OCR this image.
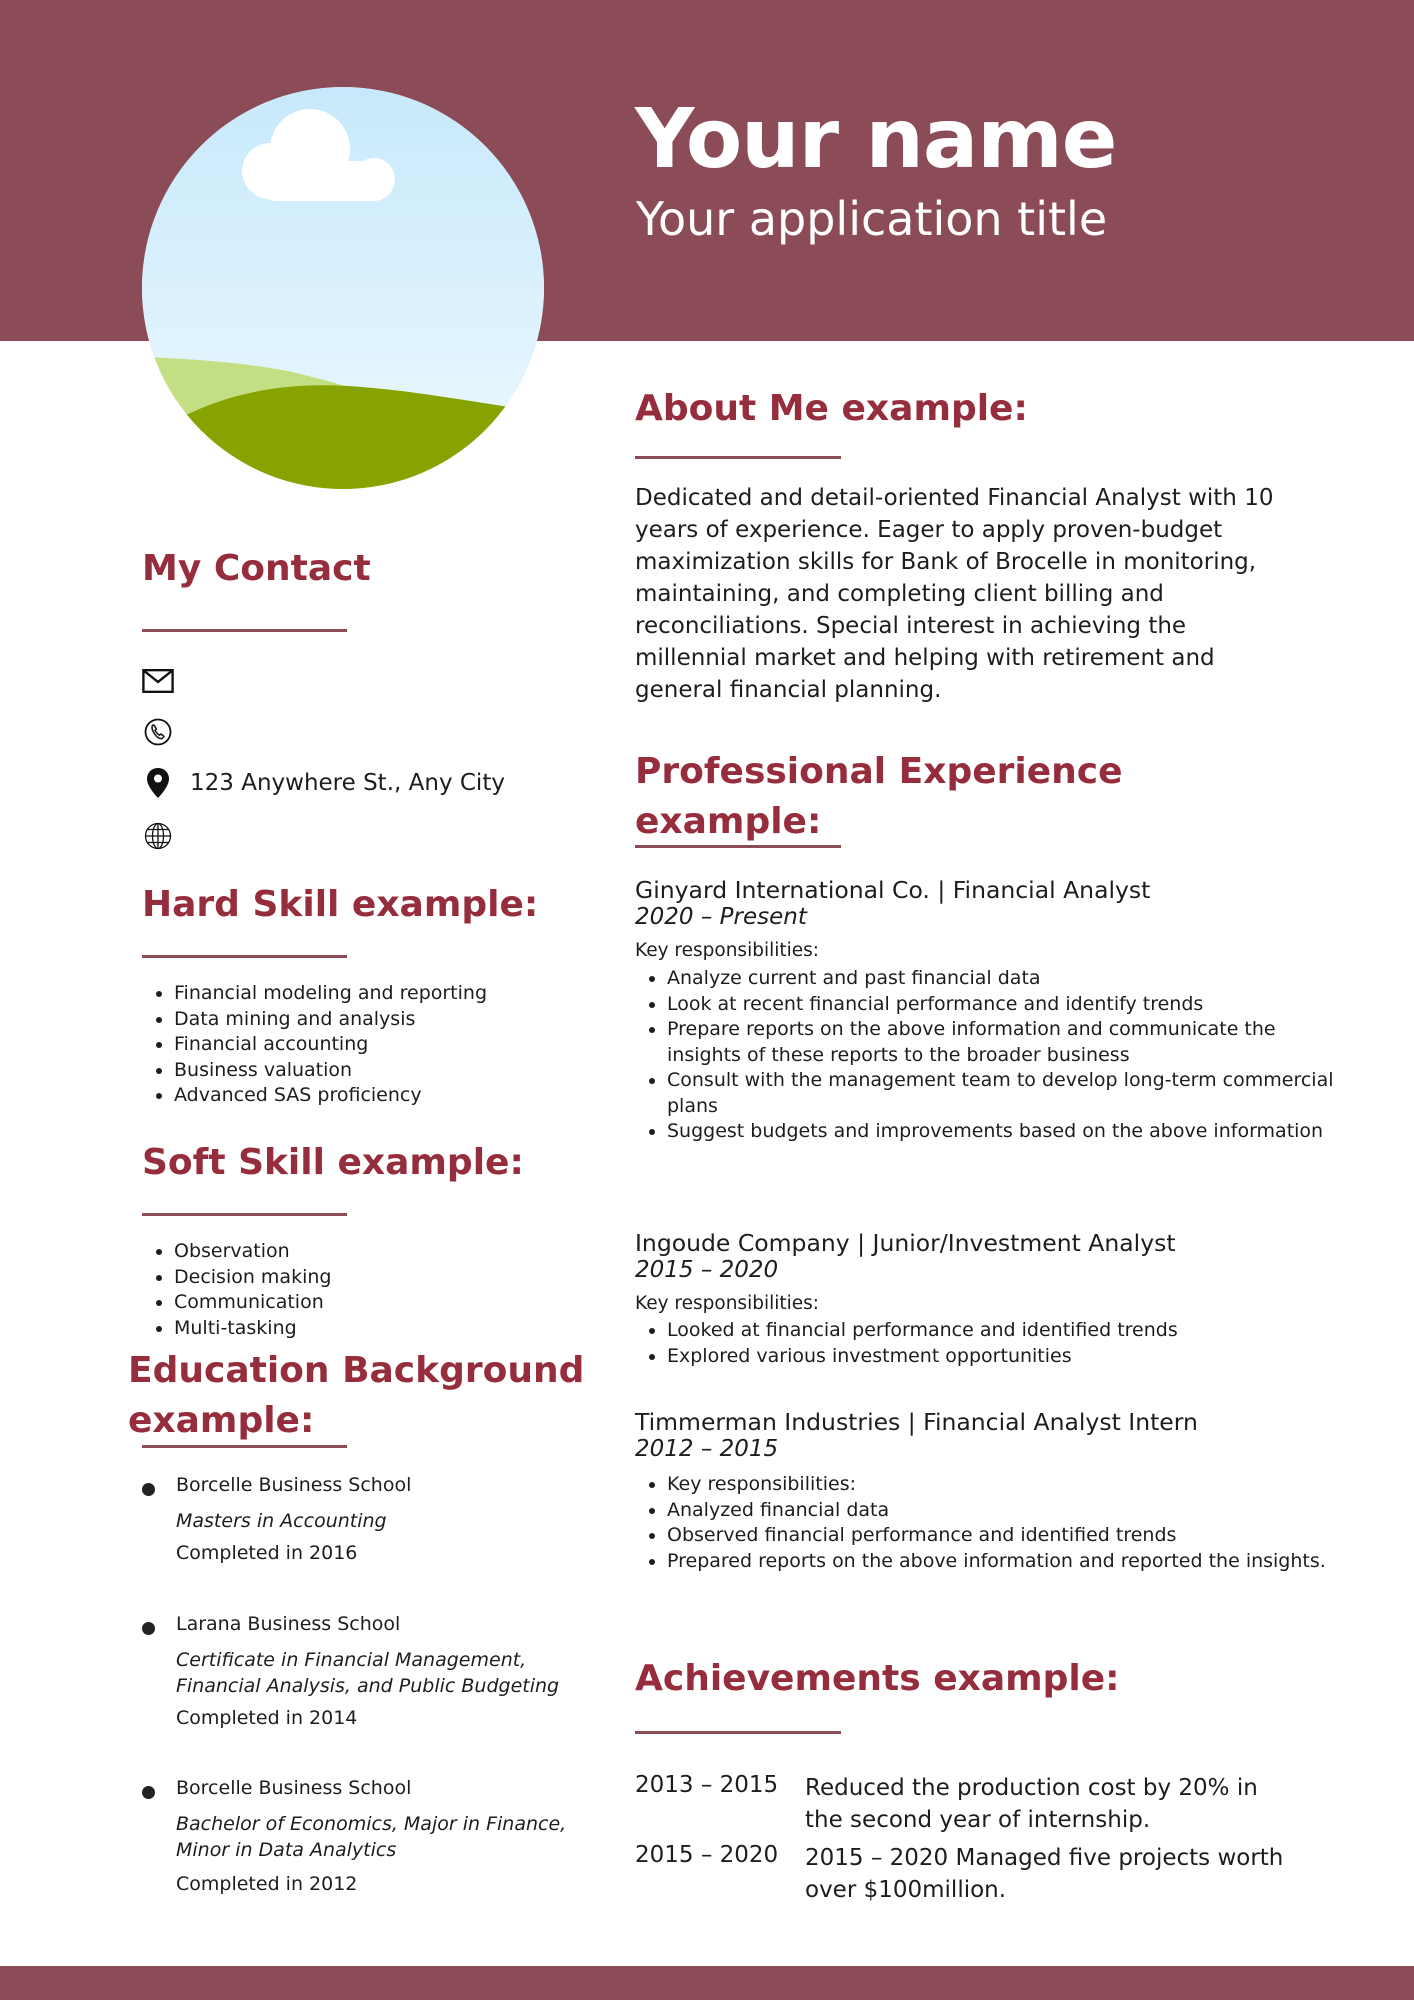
Your name
Your application title
My Contact
123 Anywhere St., Any City
Hard Skill example:
• Financial modeling and reporting
• Data mining and analysis
• Financial accounting
• Business valuation
• Advanced SAS proficiency
Soft Skill example:
• Observation
• Decision making
• Communication
• Multi-tasking
Education Background
example:
Borcelle Business School
Masters in Accounting
Completed in 2016
Larana Business School
Certificate in Financial Management, Financial Analysis, and Public Budgeting
Completed in 2014
Borcelle Business School
Bachelor of Economics, Major in Finance, Minor in Data Analytics
Completed in 2012
About Me example:

Dedicated and detail-oriented Financial Analyst with 10 years of experience. Eager to apply proven-budget maximization skills for Bank of Brocelle in monitoring, maintaining, and completing client billing and reconciliations. Special interest in achieving the millennial market and helping with retirement and general financial planning.

Professional Experience
example:
Ginyard International Co. | Financial Analyst
2020 – Present
Key responsibilities:
• Analyze current and past financial data
• Look at recent financial performance and identify trends
• Prepare reports on the above information and communicate the insights of these reports to the broader business
• Consult with the management team to develop long-term commercial plans
• Suggest budgets and improvements based on the above information
Ingoude Company | Junior/Investment Analyst
2015 – 2020
Key responsibilities:
• Looked at financial performance and identified trends
• Explored various investment opportunities
Timmerman Industries | Financial Analyst Intern
2012 – 2015
• Key responsibilities:
• Analyzed financial data
• Observed financial performance and identified trends
• Prepared reports on the above information and reported the insights.
Achievements example:
2013 – 2015 Reduced the production cost by 20% in the second year of internship.
2015 – 2020 2015 – 2020 Managed five projects worth over $100million.
